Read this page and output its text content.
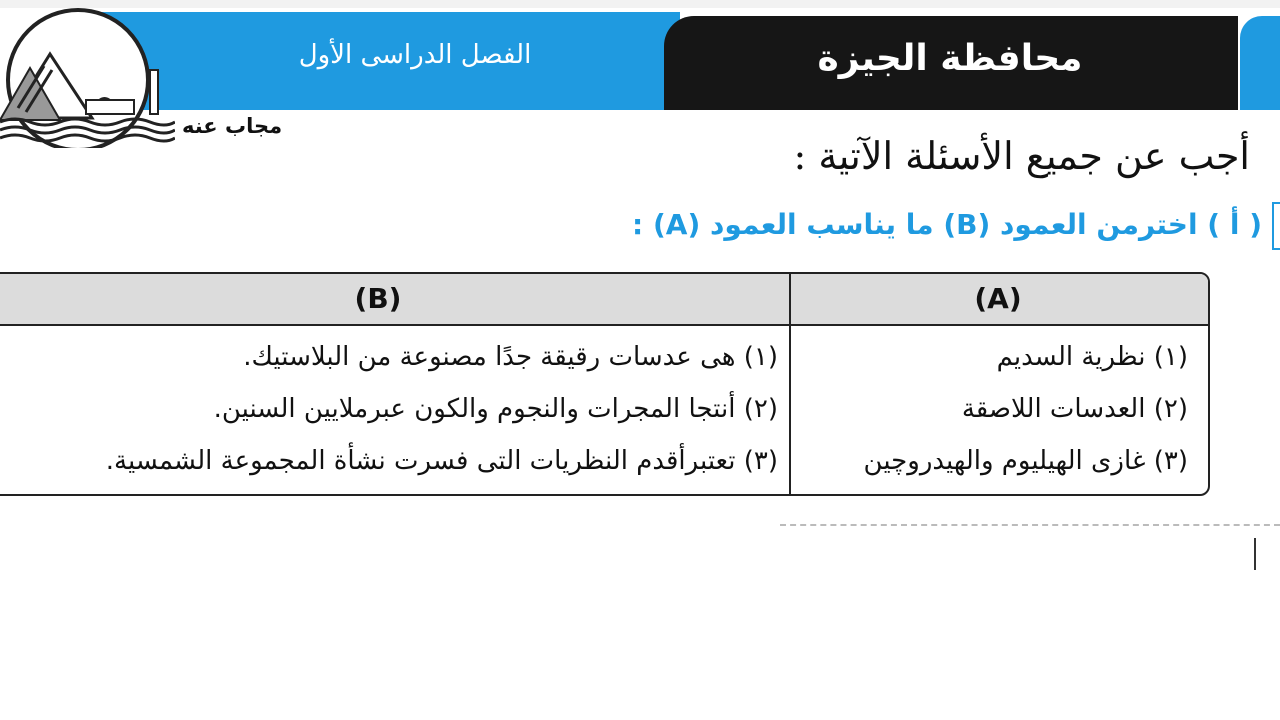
الفصل الدراسى الأول	محافظة الجيزة
مجاب عنه
أجب عن جميع الأسئلة الآتية :
( أ ) اخترمن العمود (B) ما يناسب العمود (A) :
(B)	(A)
(١) هى عدسات رقيقة جدًا مصنوعة من البلاستيك.	(١) نظرية السديم
(٢) أنتجا المجرات والنجوم والكون عبرملايين السنين.	(٢) العدسات اللاصقة
(٣) تعتبرأقدم النظريات التى فسرت نشأة المجموعة الشمسية.	(٣) غازى الهيليوم والهيدروچين
